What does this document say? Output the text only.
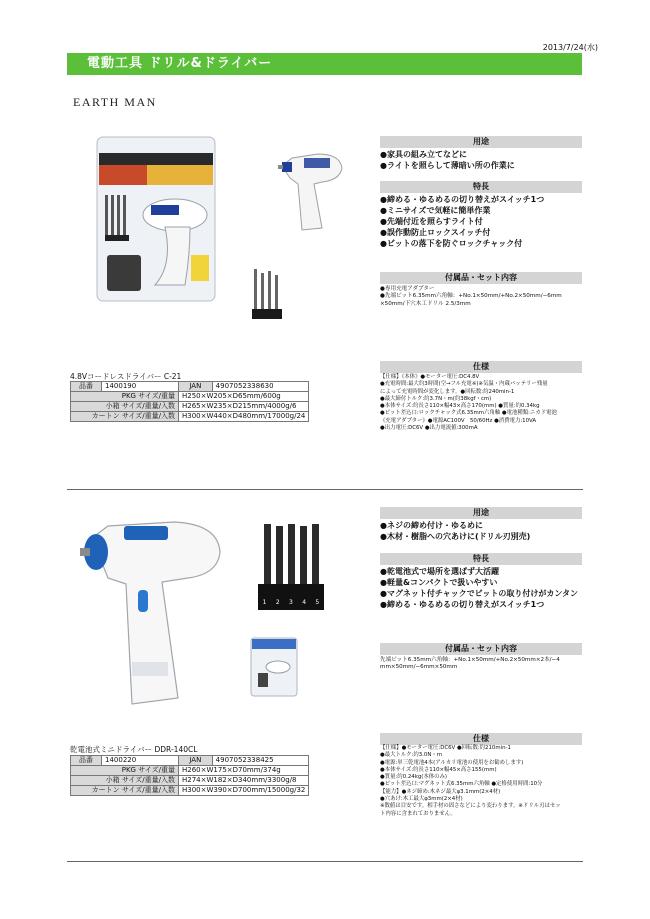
2013/7/24(水)
電動工具 ドリル&ドライバー
EARTH MAN
用途
●家具の組み立てなどに
●ライトを照らして薄暗い所の作業に
特長
●締める・ゆるめるの切り替えがスイッチ1つ
●ミニサイズで気軽に簡単作業
●先端付近を照らすライト付
●誤作動防止ロックスイッチ付
●ビットの落下を防ぐロックチャック付
付属品・セット内容
●専用充電アダプター
●先端ビット6.35mm六角軸：+No.1×50mm/+No.2×50mm/−6mm
×50mm/下穴木工ドリル 2.5/3mm
仕様
【仕様】《本体》●モーター電圧:DC4.8V
●充電時間:最大約3時間(空→フル充電※)※気温・内蔵バッテリー残量
によって充電時間が変化します。●回転数:約240min-1
●最大締付トルク:約3.7N・m(約38kgf・cm)
●本体サイズ:約長さ110×幅43×高さ170(mm) ●質量:約0.34kg
●ビット差込口:ロックチャック式6.35mm六角軸 ●電池種類:ニカド電池
《充電アダプター》●電源AC100V　50/60Hz ●消費電力:10VA
●出力電圧:DC6V ●出力電流値:300mA
4.8Vコードレスドライバー C-21
品番	1400190	JAN	4907052338630
PKG サイズ/重量		H250×W205×D65mm/600g	
小箱 サイズ/重量/入数		H265×W235×D215mm/4000g/6	
カートン サイズ/重量/入数		H300×W440×D480mm/17000g/24	
1 2 3 4 5
用途
●ネジの締め付け・ゆるめに
●木材・樹脂への穴あけに(ドリル刃別売)
特長
●乾電池式で場所を選ばず大活躍
●軽量&コンパクトで扱いやすい
●マグネット付チャックでビットの取り付けがカンタン
●締める・ゆるめるの切り替えがスイッチ1つ
付属品・セット内容
先端ビット6.35mm六角軸：+No.1×50mm/+No.2×50mm×2本/−4
mm×50mm/−6mm×50mm
仕様
【仕様】●モーター電圧:DC6V ●回転数:約210min-1
●最大トルク:約3.0N・m
●電源:単三乾電池4本(アルカリ電池の使用をお勧めします)
●本体サイズ:約長さ110×幅45×高さ155(mm)
●質量:約0.24kg(本体のみ)
●ビット差込口:マグネット式6.35mm六角軸 ●定格使用時間:10分
【能力】●ネジ締め:木ネジ最大φ3.1mm(2×4材)
●穴あけ:木工最大φ3mm(2×4材)
※数値は目安です。相手材の固さなどにより変わります。※ドリル刃はセッ
ト内容に含まれておりません。
乾電池式ミニドライバー DDR-140CL
品番	1400220	JAN	4907052338425
PKG サイズ/重量		H260×W175×D70mm/374g	
小箱 サイズ/重量/入数		H274×W182×D340mm/3300g/8	
カートン サイズ/重量/入数		H300×W390×D700mm/15000g/32	
